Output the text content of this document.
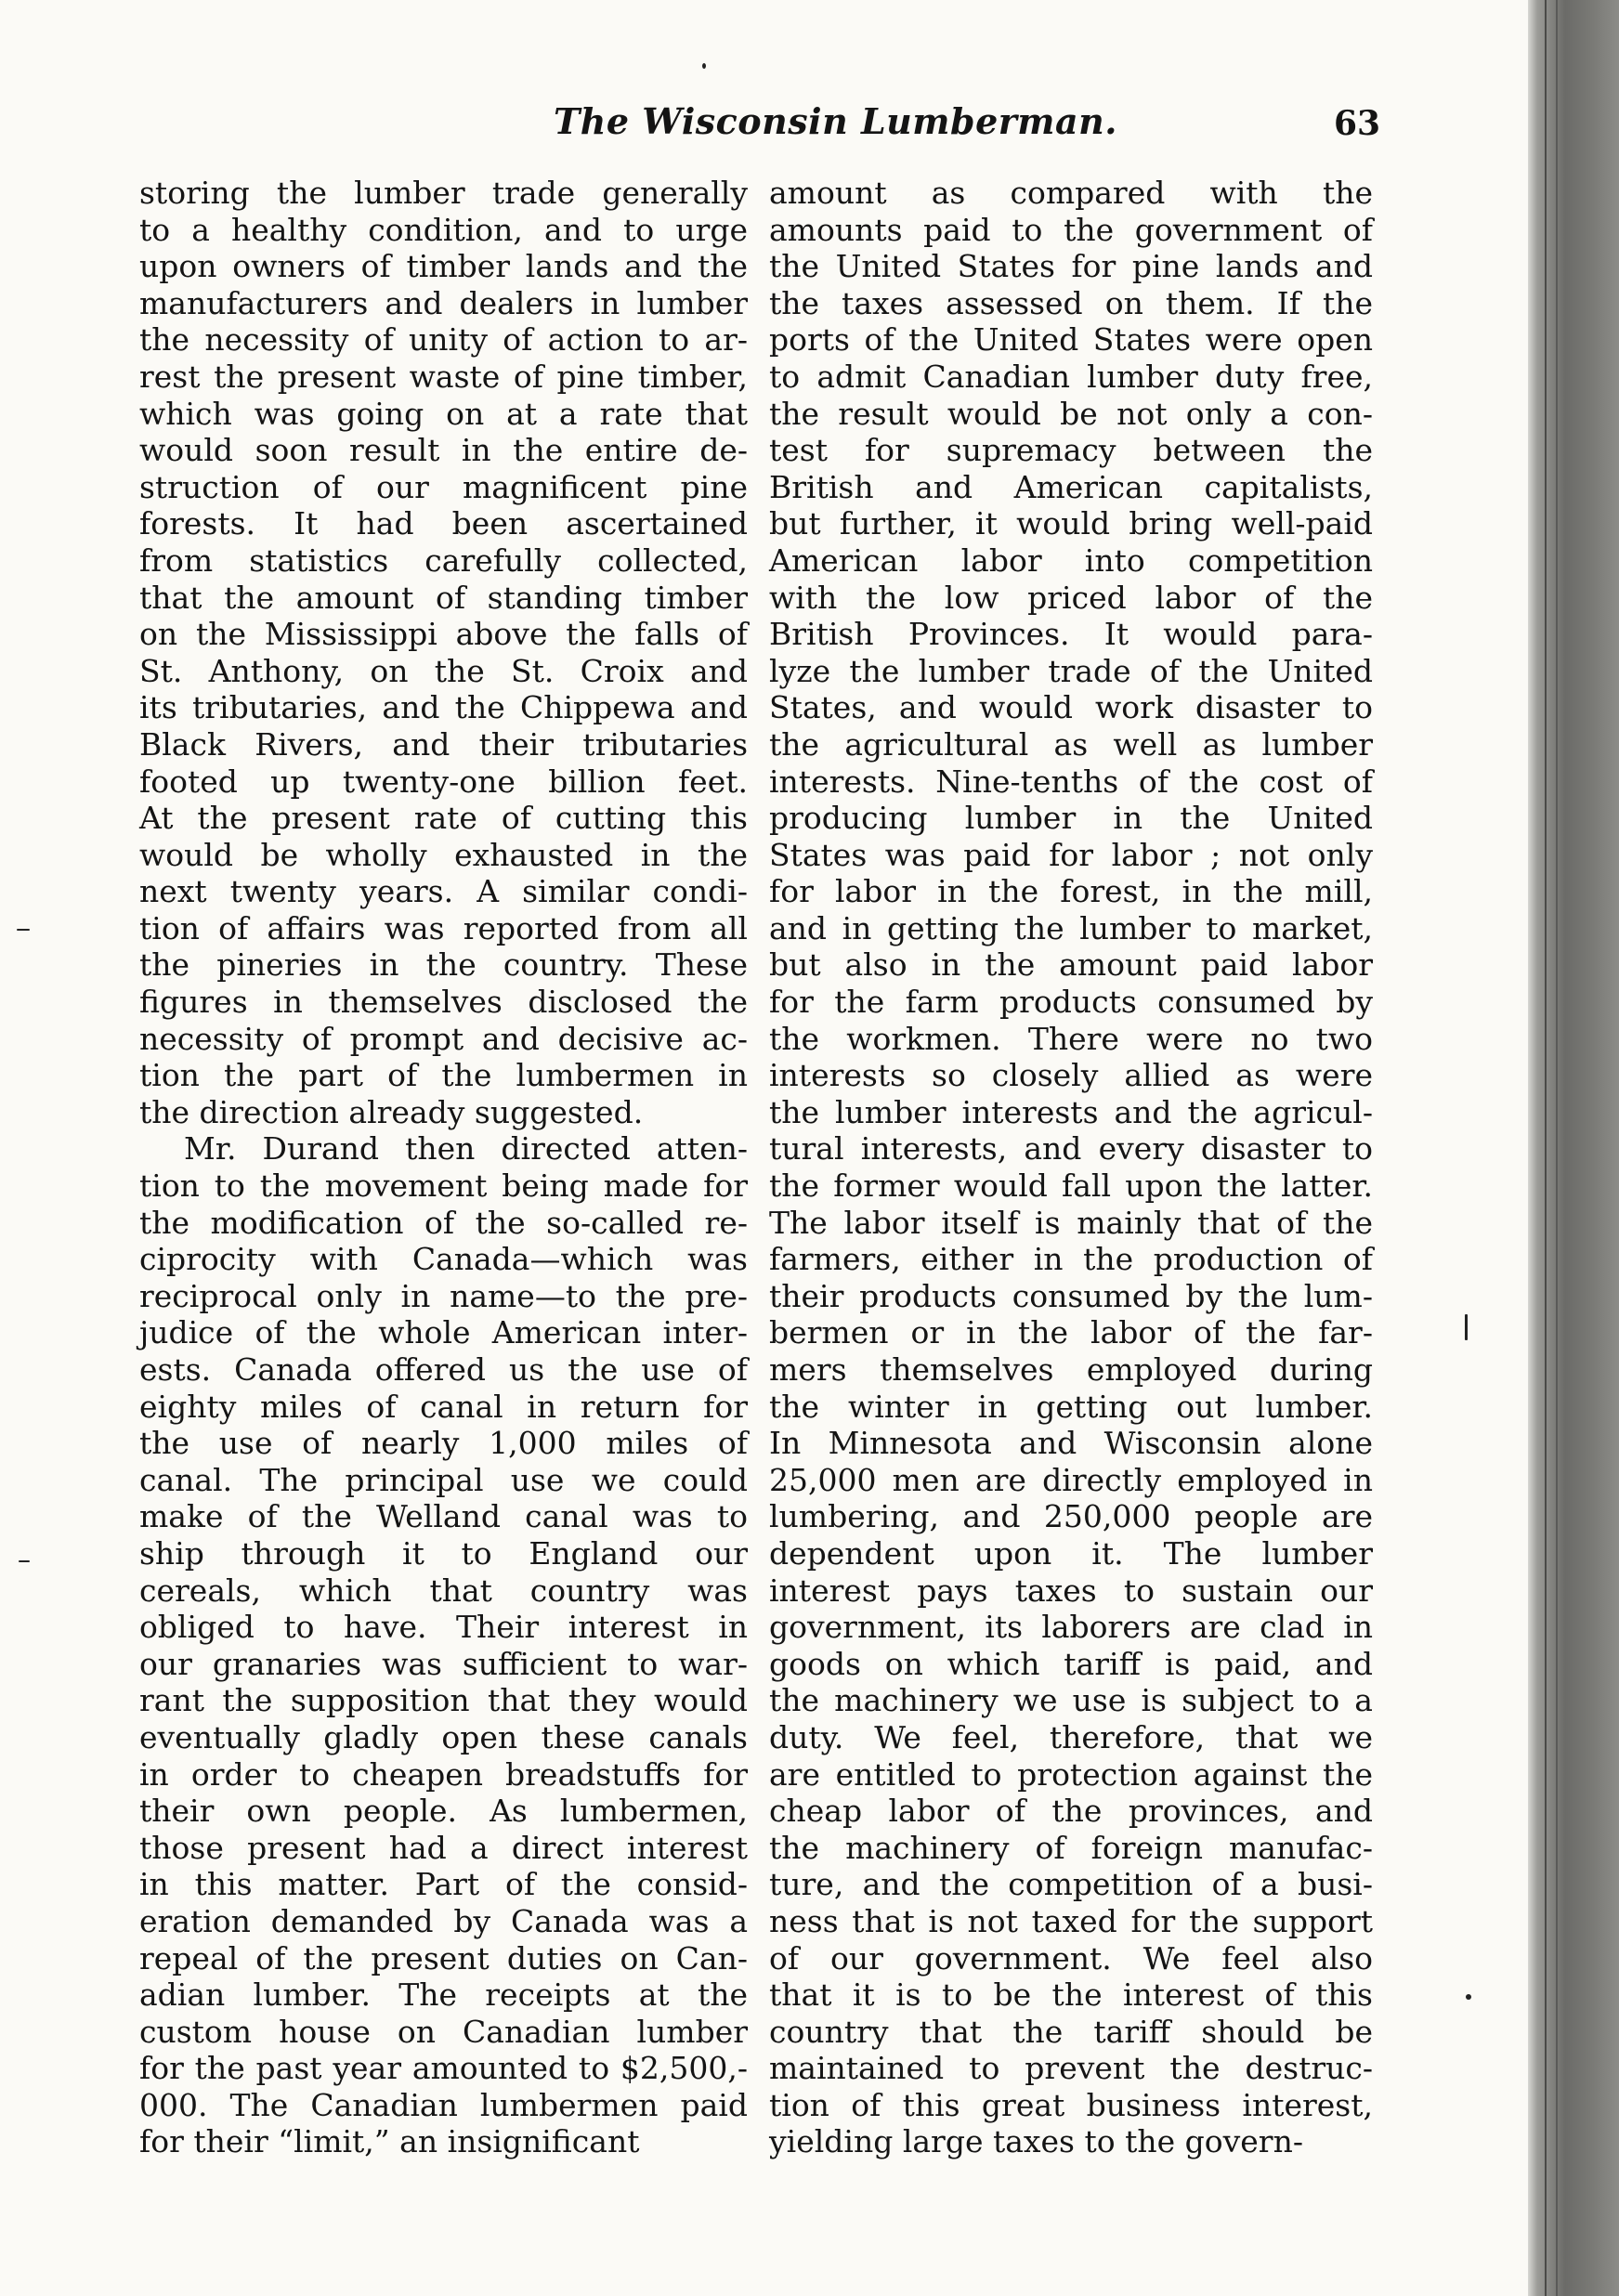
The Wisconsin Lumberman.	63
storing the lumber trade generally
to a healthy condition, and to urge
upon owners of timber lands and the
manufacturers and dealers in lumber
the necessity of unity of action to ar-
rest the present waste of pine timber,
which was going on at a rate that
would soon result in the entire de-
struction of our magnificent pine
forests. It had been ascertained
from statistics carefully collected,
that the amount of standing timber
on the Mississippi above the falls of
St. Anthony, on the St. Croix and
its tributaries, and the Chippewa and
Black Rivers, and their tributaries
footed up twenty-one billion feet.
At the present rate of cutting this
would be wholly exhausted in the
next twenty years. A similar condi-
tion of affairs was reported from all
the pineries in the country. These
figures in themselves disclosed the
necessity of prompt and decisive ac-
tion the part of the lumbermen in
the direction already suggested.
Mr. Durand then directed atten-
tion to the movement being made for
the modification of the so-called re-
ciprocity with Canada—which was
reciprocal only in name—to the pre-
judice of the whole American inter-
ests. Canada offered us the use of
eighty miles of canal in return for
the use of nearly 1,000 miles of
canal. The principal use we could
make of the Welland canal was to
ship through it to England our
cereals, which that country was
obliged to have. Their interest in
our granaries was sufficient to war-
rant the supposition that they would
eventually gladly open these canals
in order to cheapen breadstuffs for
their own people. As lumbermen,
those present had a direct interest
in this matter. Part of the consid-
eration demanded by Canada was a
repeal of the present duties on Can-
adian lumber. The receipts at the
custom house on Canadian lumber
for the past year amounted to $2,500,-
000. The Canadian lumbermen paid
for their “limit,” an insignificant
amount as compared with the
amounts paid to the government of
the United States for pine lands and
the taxes assessed on them. If the
ports of the United States were open
to admit Canadian lumber duty free,
the result would be not only a con-
test for supremacy between the
British and American capitalists,
but further, it would bring well-paid
American labor into competition
with the low priced labor of the
British Provinces. It would para-
lyze the lumber trade of the United
States, and would work disaster to
the agricultural as well as lumber
interests. Nine-tenths of the cost of
producing lumber in the United
States was paid for labor ; not only
for labor in the forest, in the mill,
and in getting the lumber to market,
but also in the amount paid labor
for the farm products consumed by
the workmen. There were no two
interests so closely allied as were
the lumber interests and the agricul-
tural interests, and every disaster to
the former would fall upon the latter.
The labor itself is mainly that of the
farmers, either in the production of
their products consumed by the lum-
bermen or in the labor of the far-
mers themselves employed during
the winter in getting out lumber.
In Minnesota and Wisconsin alone
25,000 men are directly employed in
lumbering, and 250,000 people are
dependent upon it. The lumber
interest pays taxes to sustain our
government, its laborers are clad in
goods on which tariff is paid, and
the machinery we use is subject to a
duty. We feel, therefore, that we
are entitled to protection against the
cheap labor of the provinces, and
the machinery of foreign manufac-
ture, and the competition of a busi-
ness that is not taxed for the support
of our government. We feel also
that it is to be the interest of this
country that the tariff should be
maintained to prevent the destruc-
tion of this great business interest,
yielding large taxes to the govern-
